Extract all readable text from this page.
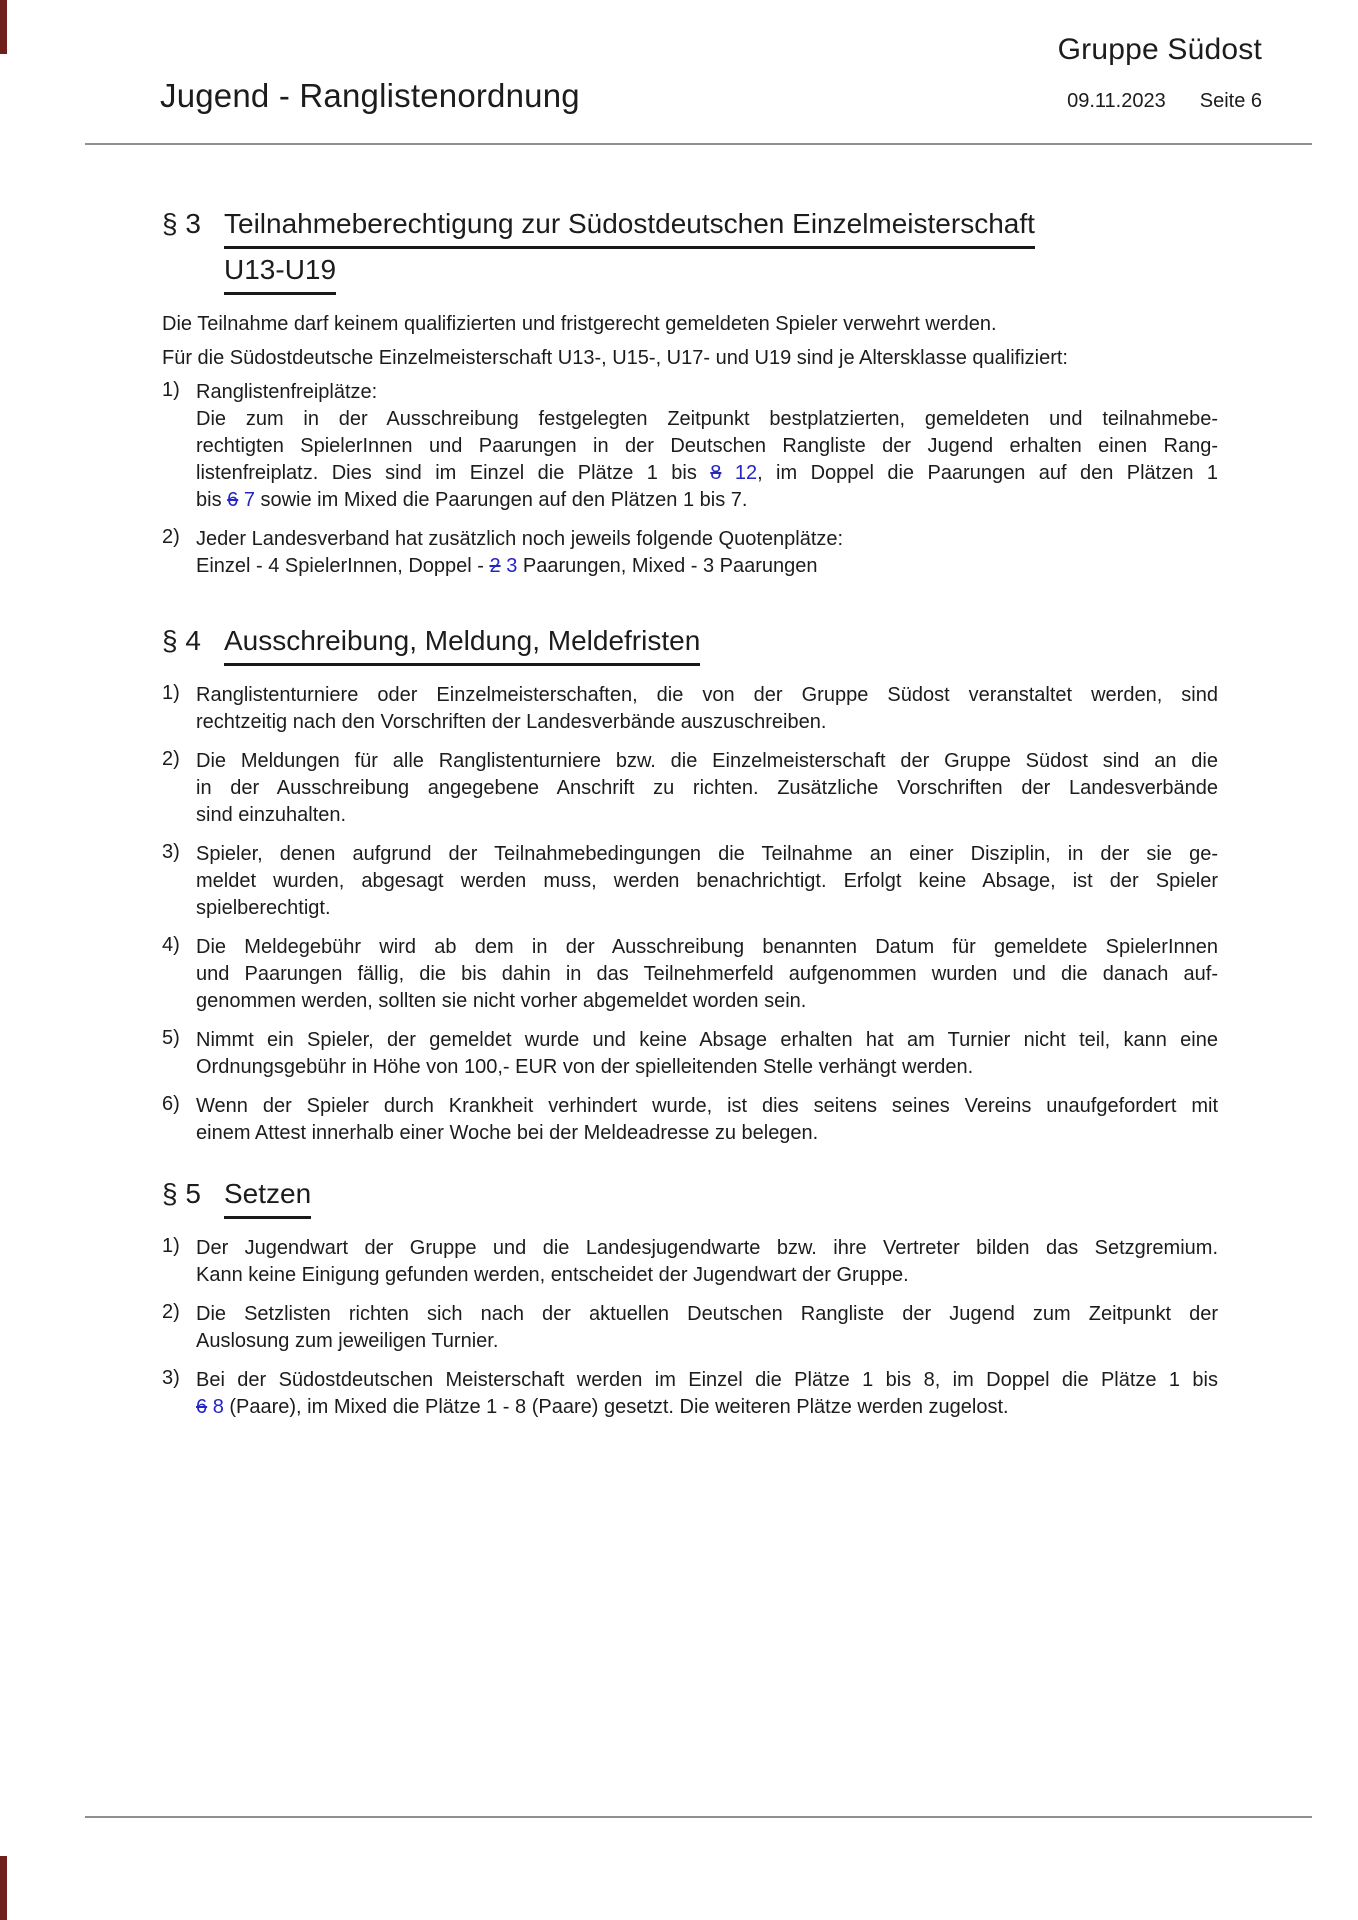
Gruppe Südost
Jugend - Ranglistenordnung	09.11.2023 Seite 6
§ 3 Teilnahmeberechtigung zur Südostdeutschen Einzelmeisterschaft
U13-U19
Die Teilnahme darf keinem qualifizierten und fristgerecht gemeldeten Spieler verwehrt werden.
Für die Südostdeutsche Einzelmeisterschaft U13-, U15-, U17- und U19 sind je Altersklasse qualifiziert:
1) Ranglistenfreiplätze:
Die zum in der Ausschreibung festgelegten Zeitpunkt bestplatzierten, gemeldeten und teilnahmebe-
rechtigten SpielerInnen und Paarungen in der Deutschen Rangliste der Jugend erhalten einen Rang-
listenfreiplatz. Dies sind im Einzel die Plätze 1 bis 8 12, im Doppel die Paarungen auf den Plätzen 1
bis 6 7 sowie im Mixed die Paarungen auf den Plätzen 1 bis 7.
2) Jeder Landesverband hat zusätzlich noch jeweils folgende Quotenplätze:
Einzel - 4 SpielerInnen, Doppel - 2 3 Paarungen, Mixed - 3 Paarungen
§ 4 Ausschreibung, Meldung, Meldefristen
1) Ranglistenturniere oder Einzelmeisterschaften, die von der Gruppe Südost veranstaltet werden, sind
rechtzeitig nach den Vorschriften der Landesverbände auszuschreiben.
2) Die Meldungen für alle Ranglistenturniere bzw. die Einzelmeisterschaft der Gruppe Südost sind an die
in der Ausschreibung angegebene Anschrift zu richten. Zusätzliche Vorschriften der Landesverbände
sind einzuhalten.
3) Spieler, denen aufgrund der Teilnahmebedingungen die Teilnahme an einer Disziplin, in der sie ge-
meldet wurden, abgesagt werden muss, werden benachrichtigt. Erfolgt keine Absage, ist der Spieler
spielberechtigt.
4) Die Meldegebühr wird ab dem in der Ausschreibung benannten Datum für gemeldete SpielerInnen
und Paarungen fällig, die bis dahin in das Teilnehmerfeld aufgenommen wurden und die danach auf-
genommen werden, sollten sie nicht vorher abgemeldet worden sein.
5) Nimmt ein Spieler, der gemeldet wurde und keine Absage erhalten hat am Turnier nicht teil, kann eine
Ordnungsgebühr in Höhe von 100,- EUR von der spielleitenden Stelle verhängt werden.
6) Wenn der Spieler durch Krankheit verhindert wurde, ist dies seitens seines Vereins unaufgefordert mit
einem Attest innerhalb einer Woche bei der Meldeadresse zu belegen.
§ 5 Setzen
1) Der Jugendwart der Gruppe und die Landesjugendwarte bzw. ihre Vertreter bilden das Setzgremium.
Kann keine Einigung gefunden werden, entscheidet der Jugendwart der Gruppe.
2) Die Setzlisten richten sich nach der aktuellen Deutschen Rangliste der Jugend zum Zeitpunkt der
Auslosung zum jeweiligen Turnier.
3) Bei der Südostdeutschen Meisterschaft werden im Einzel die Plätze 1 bis 8, im Doppel die Plätze 1 bis
6 8 (Paare), im Mixed die Plätze 1 - 8 (Paare) gesetzt. Die weiteren Plätze werden zugelost.
